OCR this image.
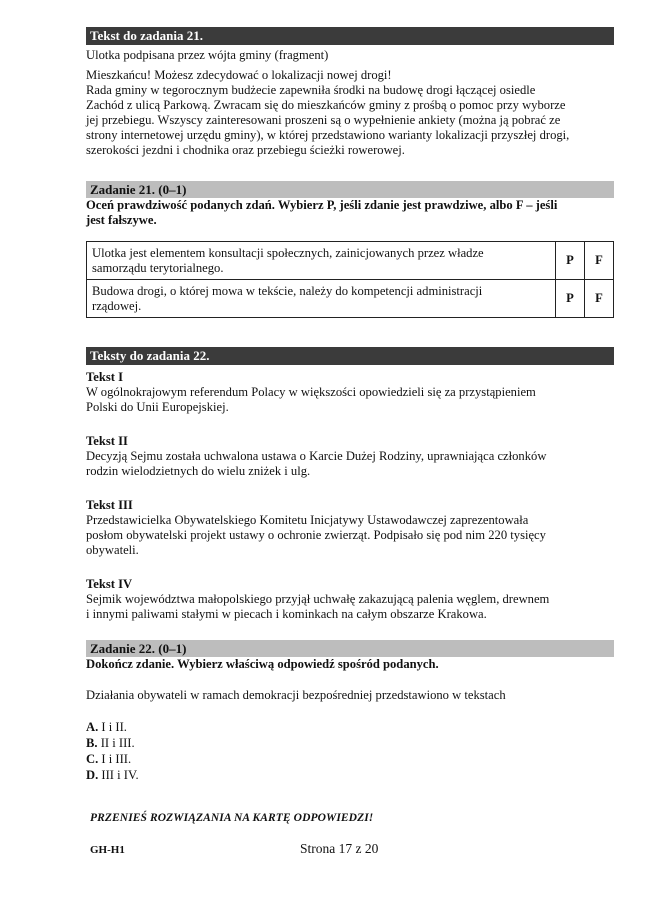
Tekst do zadania 21.

Ulotka podpisana przez wójta gminy (fragment)

Mieszkańcu! Możesz zdecydować o lokalizacji nowej drogi!

Rada gminy w tegorocznym budżecie zapewniła środki na budowę drogi łączącej osiedle

Zachód z ulicą Parkową. Zwracam się do mieszkańców gminy z prośbą o pomoc przy wyborze

jej przebiegu. Wszyscy zainteresowani proszeni są o wypełnienie ankiety (można ją pobrać ze

strony internetowej urzędu gminy), w której przedstawiono warianty lokalizacji przyszłej drogi,

szerokości jezdni i chodnika oraz przebiegu ścieżki rowerowej.

Zadanie 21. (0–1)

Oceń prawdziwość podanych zdań. Wybierz P, jeśli zdanie jest prawdziwe, albo F – jeśli

jest fałszywe.

Ulotka jest elementem konsultacji społecznych, zainicjowanych przez władze
samorządu terytorialnego.	P	F

Budowa drogi, o której mowa w tekście, należy do kompetencji administracji
rządowej.	P	F
Teksty do zadania 22.

Tekst I

W ogólnokrajowym referendum Polacy w większości opowiedzieli się za przystąpieniem

Polski do Unii Europejskiej.

Tekst II

Decyzją Sejmu została uchwalona ustawa o Karcie Dużej Rodziny, uprawniająca członków

rodzin wielodzietnych do wielu zniżek i ulg.

Tekst III

Przedstawicielka Obywatelskiego Komitetu Inicjatywy Ustawodawczej zaprezentowała

posłom obywatelski projekt ustawy o ochronie zwierząt. Podpisało się pod nim 220 tysięcy

obywateli.

Tekst IV

Sejmik województwa małopolskiego przyjął uchwałę zakazującą palenia węglem, drewnem

i innymi paliwami stałymi w piecach i kominkach na całym obszarze Krakowa.

Zadanie 22. (0–1)
Dokończ zdanie. Wybierz właściwą odpowiedź spośród podanych.
Działania obywateli w ramach demokracji bezpośredniej przedstawiono w tekstach

A. I i II.

B. II i III.

C. I i III.

D. III i IV.

PRZENIEŚ ROZWIĄZANIA NA KARTĘ ODPOWIEDZI!
GH-H1	Strona 17 z 20
